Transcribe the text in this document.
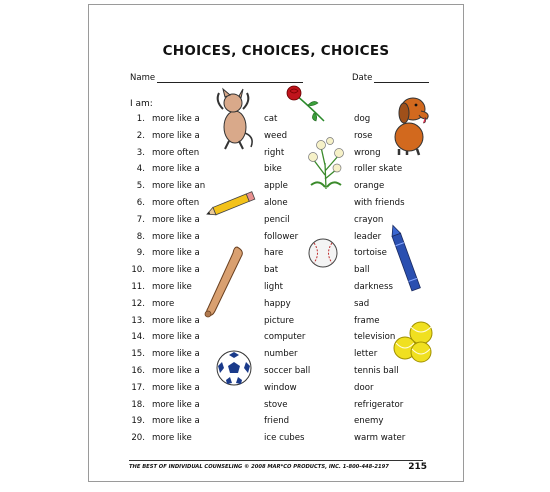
CHOICES, CHOICES, CHOICES
Name	Date
I am:
1. more like a	cat	dog
2. more like a	weed	rose
3. more often	right	wrong
4. more like a	bike	roller skate
5. more like an	apple	orange
6. more often	alone	with friends
7. more like a	pencil	crayon
8. more like a	follower	leader
9. more like a	hare	tortoise
10. more like a	bat	ball
11. more like	light	darkness
12. more	happy	sad
13. more like a	picture	frame
14. more like a	computer	television
15. more like a	number	letter
16. more like a	soccer ball	tennis ball
17. more like a	window	door
18. more like a	stove	refrigerator
19. more like a	friend	enemy
20. more like	ice cubes	warm water
THE BEST OF INDIVIDUAL COUNSELING © 2008 MAR*CO PRODUCTS, INC. 1-800-448-2197 215
